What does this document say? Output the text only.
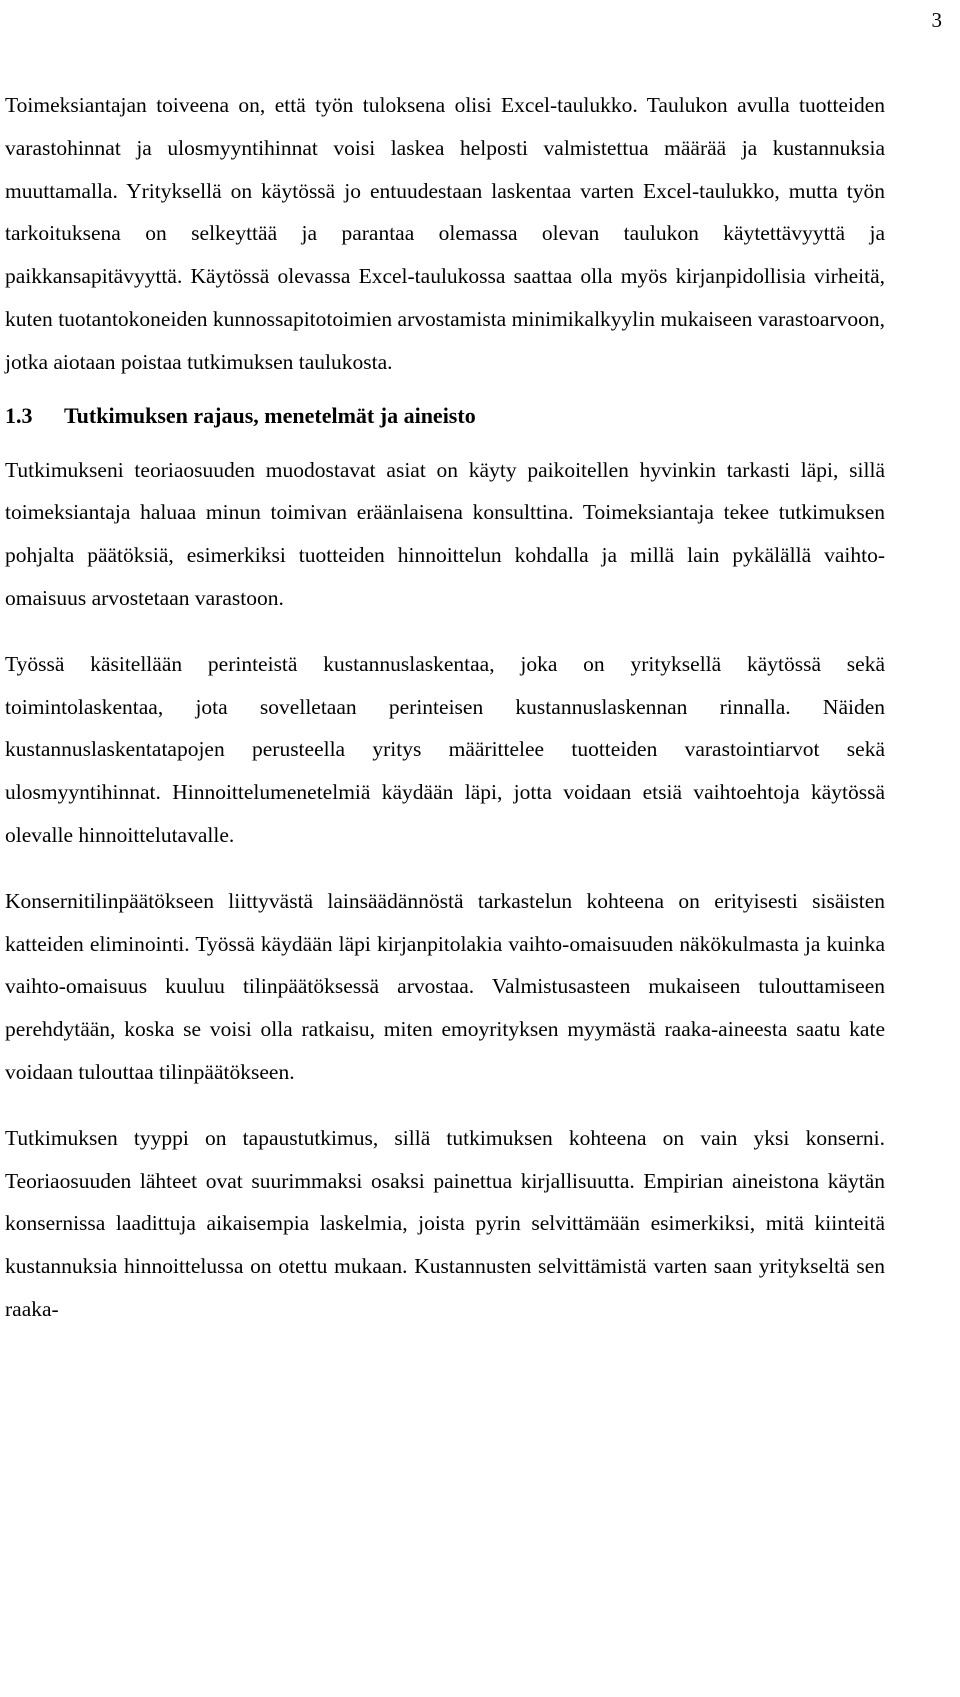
3

Toimeksiantajan toiveena on, että työn tuloksena olisi Excel-taulukko. Taulukon avulla tuotteiden varastohinnat ja ulosmyyntihinnat voisi laskea helposti valmistettua määrää ja kustannuksia muuttamalla. Yrityksellä on käytössä jo entuudestaan laskentaa varten Excel-taulukko, mutta työn tarkoituksena on selkeyttää ja parantaa olemassa olevan taulukon käytettävyyttä ja paikkansapitävyyttä. Käytössä olevassa Excel-taulukossa saattaa olla myös kirjanpidollisia virheitä, kuten tuotantokoneiden kunnossapitotoimien arvostamista minimikalkyylin mukaiseen varastoarvoon, jotka aiotaan poistaa tutkimuksen taulukosta.

1.3 Tutkimuksen rajaus, menetelmät ja aineisto

Tutkimukseni teoriaosuuden muodostavat asiat on käyty paikoitellen hyvinkin tarkasti läpi, sillä toimeksiantaja haluaa minun toimivan eräänlaisena konsulttina. Toimeksiantaja tekee tutkimuksen pohjalta päätöksiä, esimerkiksi tuotteiden hinnoittelun kohdalla ja millä lain pykälällä vaihto-omaisuus arvostetaan varastoon.

Työssä käsitellään perinteistä kustannuslaskentaa, joka on yrityksellä käytössä sekä toimintolaskentaa, jota sovelletaan perinteisen kustannuslaskennan rinnalla. Näiden kustannuslaskentatapojen perusteella yritys määrittelee tuotteiden varastointiarvot sekä ulosmyyntihinnat. Hinnoittelumenetelmiä käydään läpi, jotta voidaan etsiä vaihtoehtoja käytössä olevalle hinnoittelutavalle.

Konsernitilinpäätökseen liittyvästä lainsäädännöstä tarkastelun kohteena on erityisesti sisäisten katteiden eliminointi. Työssä käydään läpi kirjanpitolakia vaihto-omaisuuden näkökulmasta ja kuinka vaihto-omaisuus kuuluu tilinpäätöksessä arvostaa. Valmistusasteen mukaiseen tulouttamiseen perehdytään, koska se voisi olla ratkaisu, miten emoyrityksen myymästä raaka-aineesta saatu kate voidaan tulouttaa tilinpäätökseen.

Tutkimuksen tyyppi on tapaustutkimus, sillä tutkimuksen kohteena on vain yksi konserni. Teoriaosuuden lähteet ovat suurimmaksi osaksi painettua kirjallisuutta. Empirian aineistona käytän konsernissa laadittuja aikaisempia laskelmia, joista pyrin selvittämään esimerkiksi, mitä kiinteitä kustannuksia hinnoittelussa on otettu mukaan. Kustannusten selvittämistä varten saan yritykseltä sen raaka-
